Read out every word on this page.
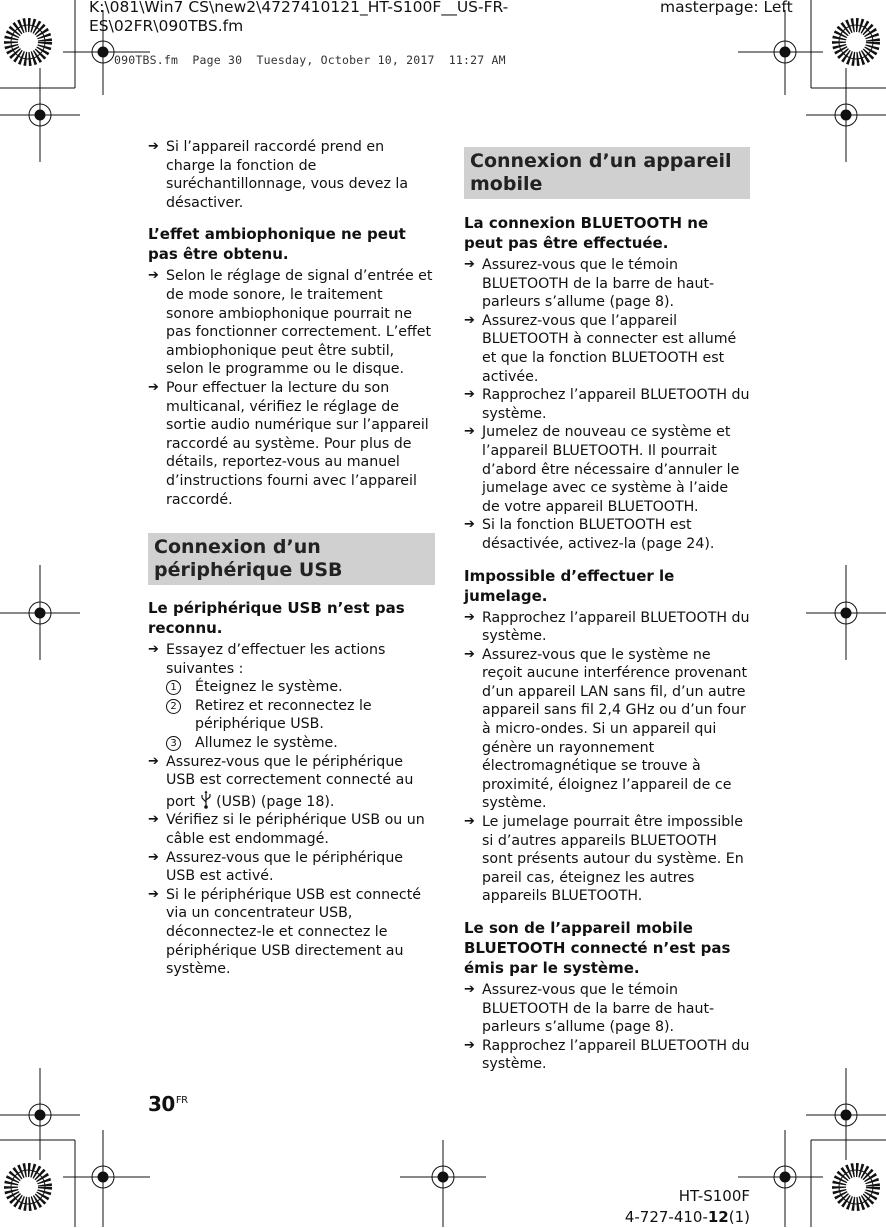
K:\081\Win7 CS\new2\4727410121_HT-S100F__US-FR-
ES\02FR\090TBS.fm
masterpage: Left
090TBS.fm  Page 30  Tuesday, October 10, 2017  11:27 AM

➔ Si l’appareil raccordé prend en charge la fonction de suréchantillonnage, vous devez la désactiver.

L’effet ambiophonique ne peut pas être obtenu.

➔ Selon le réglage de signal d’entrée et de mode sonore, le traitement sonore ambiophonique pourrait ne pas fonctionner correctement. L’effet ambiophonique peut être subtil, selon le programme ou le disque.

➔ Pour effectuer la lecture du son multicanal, vérifiez le réglage de sortie audio numérique sur l’appareil raccordé au système. Pour plus de détails, reportez-vous au manuel d’instructions fourni avec l’appareil raccordé.

Connexion d’un périphérique USB

Le périphérique USB n’est pas reconnu.

➔ Essayez d’effectuer les actions suivantes :

1	Éteignez le système.

2	Retirez et reconnectez le périphérique USB.

3	Allumez le système.

➔ Assurez-vous que le périphérique USB est correctement connecté au port (USB) (page 18).

➔ Vérifiez si le périphérique USB ou un câble est endommagé.

➔ Assurez-vous que le périphérique USB est activé.

➔ Si le périphérique USB est connecté via un concentrateur USB, déconnectez-le et connectez le périphérique USB directement au système.

Connexion d’un appareil mobile

La connexion BLUETOOTH ne peut pas être effectuée.

➔ Assurez-vous que le témoin BLUETOOTH de la barre de haut-parleurs s’allume (page 8).

➔ Assurez-vous que l’appareil BLUETOOTH à connecter est allumé et que la fonction BLUETOOTH est activée.

➔ Rapprochez l’appareil BLUETOOTH du système.

➔ Jumelez de nouveau ce système et l’appareil BLUETOOTH. Il pourrait d’abord être nécessaire d’annuler le jumelage avec ce système à l’aide de votre appareil BLUETOOTH.

➔ Si la fonction BLUETOOTH est désactivée, activez-la (page 24).

Impossible d’effectuer le jumelage.

➔ Rapprochez l’appareil BLUETOOTH du système.

➔ Assurez-vous que le système ne reçoit aucune interférence provenant d’un appareil LAN sans fil, d’un autre appareil sans fil 2,4 GHz ou d’un four à micro-ondes. Si un appareil qui génère un rayonnement électromagnétique se trouve à proximité, éloignez l’appareil de ce système.

➔ Le jumelage pourrait être impossible si d’autres appareils BLUETOOTH sont présents autour du système. En pareil cas, éteignez les autres appareils BLUETOOTH.

Le son de l’appareil mobile BLUETOOTH connecté n’est pas émis par le système.

➔ Assurez-vous que le témoin BLUETOOTH de la barre de haut-parleurs s’allume (page 8).

➔ Rapprochez l’appareil BLUETOOTH du système.

$30^{FR}$
HT-S100F
4-727-410-12(1)
